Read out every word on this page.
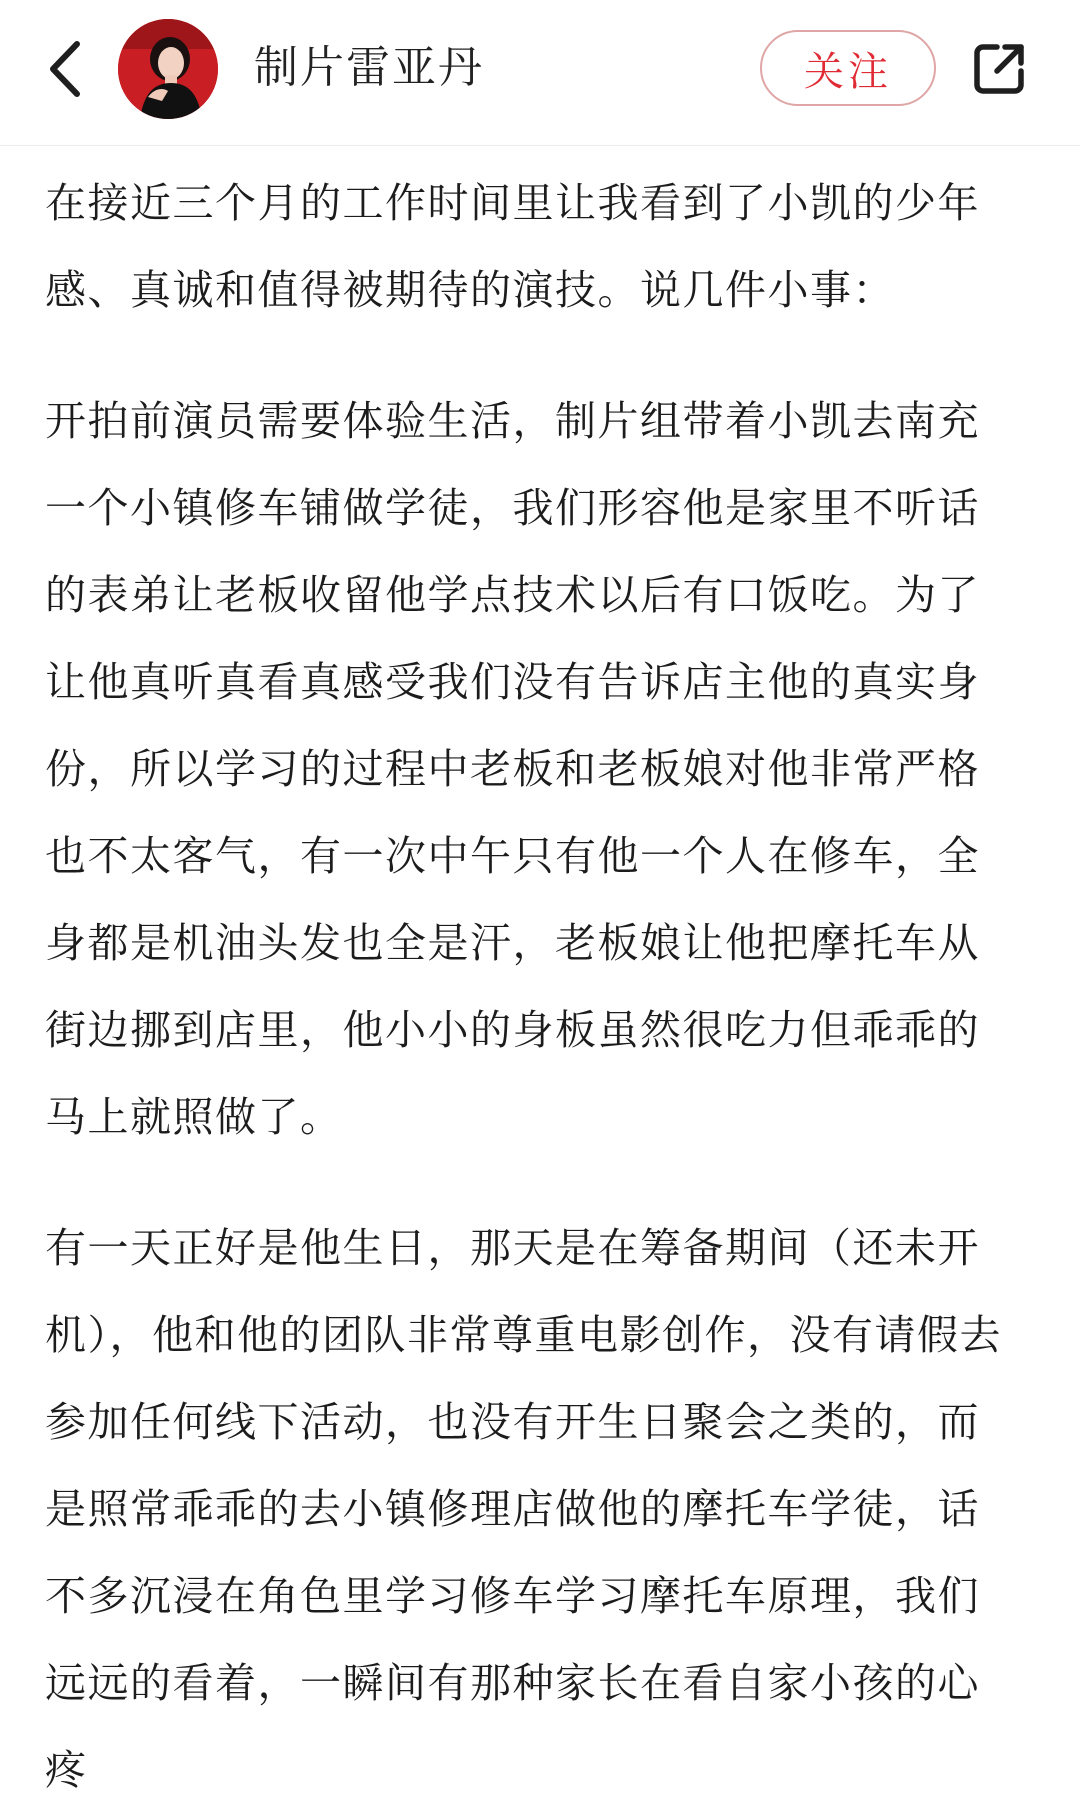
制片雷亚丹	关注

在接近三个月的工作时间里让我看到了小凯的少年感、真诚和值得被期待的演技。说几件小事：

开拍前演员需要体验生活，制片组带着小凯去南充一个小镇修车铺做学徒，我们形容他是家里不听话的表弟让老板收留他学点技术以后有口饭吃。为了让他真听真看真感受我们没有告诉店主他的真实身份，所以学习的过程中老板和老板娘对他非常严格也不太客气，有一次中午只有他一个人在修车，全身都是机油头发也全是汗，老板娘让他把摩托车从街边挪到店里，他小小的身板虽然很吃力但乖乖的马上就照做了。

有一天正好是他生日，那天是在筹备期间（还未开机），他和他的团队非常尊重电影创作，没有请假去参加任何线下活动，也没有开生日聚会之类的，而是照常乖乖的去小镇修理店做他的摩托车学徒，话不多沉浸在角色里学习修车学习摩托车原理，我们远远的看着，一瞬间有那种家长在看自家小孩的心疼
